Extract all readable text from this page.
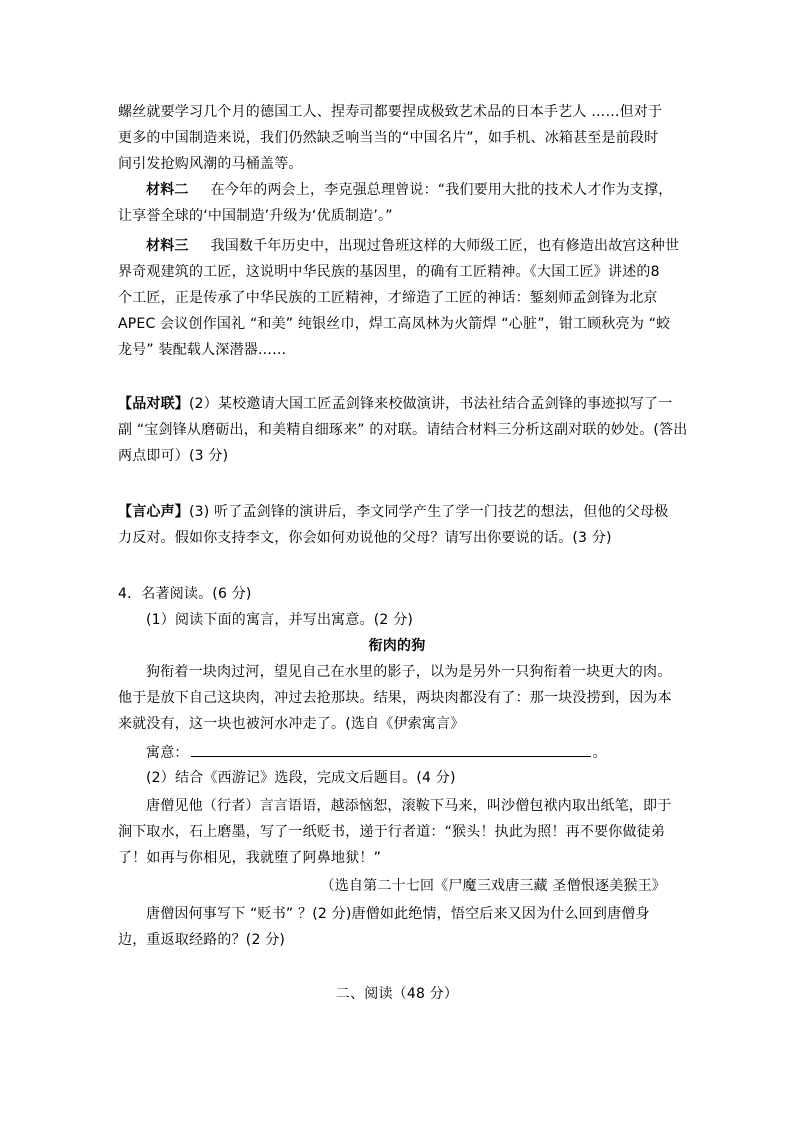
螺丝就要学习几个月的德国工人、捏寿司都要捏成极致艺术品的日本手艺人 ……但对于
更多的中国制造来说，我们仍然缺乏响当当的“中国名片”，如手机、冰箱甚至是前段时
间引发抢购风潮的马桶盖等。
材料二 在今年的两会上，李克强总理曾说：“我们要用大批的技术人才作为支撑，
让享誉全球的‘中国制造’升级为‘优质制造’。”
材料三 我国数千年历史中，出现过鲁班这样的大师级工匠，也有修造出故宫这种世
界奇观建筑的工匠，这说明中华民族的基因里，的确有工匠精神。《大国工匠》讲述的8
个工匠，正是传承了中华民族的工匠精神，才缔造了工匠的神话：錾刻师孟剑锋为北京
APEC 会议创作国礼 “和美” 纯银丝巾，焊工高凤林为火箭焊 “心脏”，钳工顾秋亮为 “蛟
龙号” 装配载人深潜器……
【品对联】(2）某校邀请大国工匠孟剑锋来校做演讲，书法社结合孟剑锋的事迹拟写了一
副 “宝剑锋从磨砺出，和美精自细琢来” 的对联。请结合材料三分析这副对联的妙处。(答出
两点即可）(3 分)
【言心声】(3) 听了孟剑锋的演讲后，李文同学产生了学一门技艺的想法，但他的父母极
力反对。假如你支持李文，你会如何劝说他的父母？请写出你要说的话。(3 分)
4．名著阅读。(6 分)
(1）阅读下面的寓言，并写出寓意。(2 分)
衔肉的狗
狗衔着一块肉过河，望见自己在水里的影子，以为是另外一只狗衔着一块更大的肉。
他于是放下自己这块肉，冲过去抢那块。结果，两块肉都没有了：那一块没捞到，因为本
来就没有，这一块也被河水冲走了。(选自《伊索寓言》
寓意：	。
(2）结合《西游记》选段，完成文后题目。(4 分)
唐僧见他（行者）言言语语，越添恼恕，滚鞍下马来，叫沙僧包袱内取出纸笔，即于
涧下取水，石上磨墨，写了一纸贬书，递于行者道：“猴头！执此为照！再不要你做徒弟
了！如再与你相见，我就堕了阿鼻地狱！”
（选自第二十七回《尸魔三戏唐三藏 圣僧恨逐美猴王》
唐僧因何事写下 “贬书” ？(2 分)唐僧如此绝情，悟空后来又因为什么回到唐僧身
边，重返取经路的？(2 分)
二、阅读（48 分）
